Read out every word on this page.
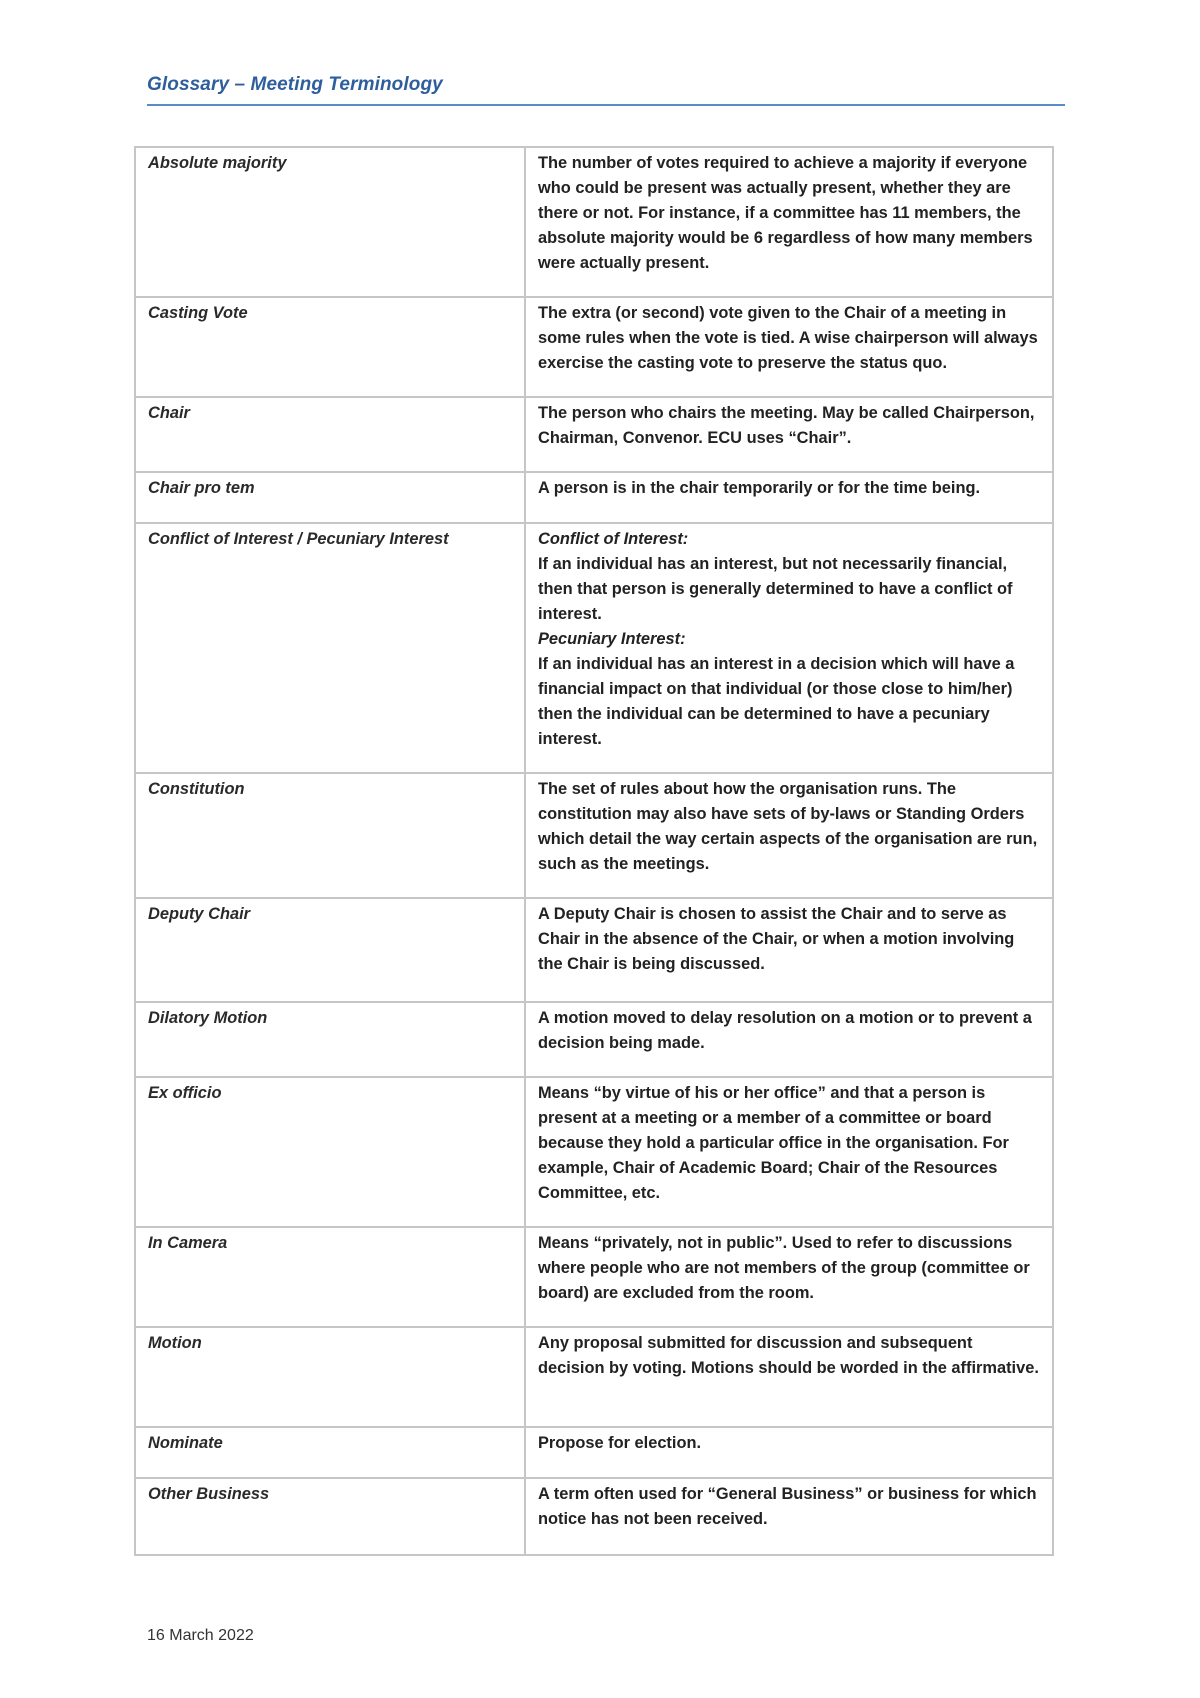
Glossary – Meeting Terminology
Absolute majority	The number of votes required to achieve a majority if everyone who could be present was actually present, whether they are there or not. For instance, if a committee has 11 members, the absolute majority would be 6 regardless of how many members were actually present.
Casting Vote	The extra (or second) vote given to the Chair of a meeting in some rules when the vote is tied. A wise chairperson will always exercise the casting vote to preserve the status quo.
Chair	The person who chairs the meeting. May be called Chairperson, Chairman, Convenor. ECU uses “Chair”.
Chair pro tem	A person is in the chair temporarily or for the time being.
Conflict of Interest / Pecuniary Interest	Conflict of Interest:
If an individual has an interest, but not necessarily financial, then that person is generally determined to have a conflict of interest.
Pecuniary Interest:
If an individual has an interest in a decision which will have a financial impact on that individual (or those close to him/her) then the individual can be determined to have a pecuniary interest.

Constitution	The set of rules about how the organisation runs. The constitution may also have sets of by-laws or Standing Orders which detail the way certain aspects of the organisation are run, such as the meetings.
Deputy Chair	A Deputy Chair is chosen to assist the Chair and to serve as Chair in the absence of the Chair, or when a motion involving the Chair is being discussed.
Dilatory Motion	A motion moved to delay resolution on a motion or to prevent a decision being made.
Ex officio	Means “by virtue of his or her office” and that a person is present at a meeting or a member of a committee or board because they hold a particular office in the organisation. For example, Chair of Academic Board; Chair of the Resources Committee, etc.
In Camera	Means “privately, not in public”. Used to refer to discussions where people who are not members of the group (committee or board) are excluded from the room.
Motion	Any proposal submitted for discussion and subsequent decision by voting. Motions should be worded in the affirmative.
Nominate	Propose for election.
Other Business	A term often used for “General Business” or business for which notice has not been received.
16 March 2022
